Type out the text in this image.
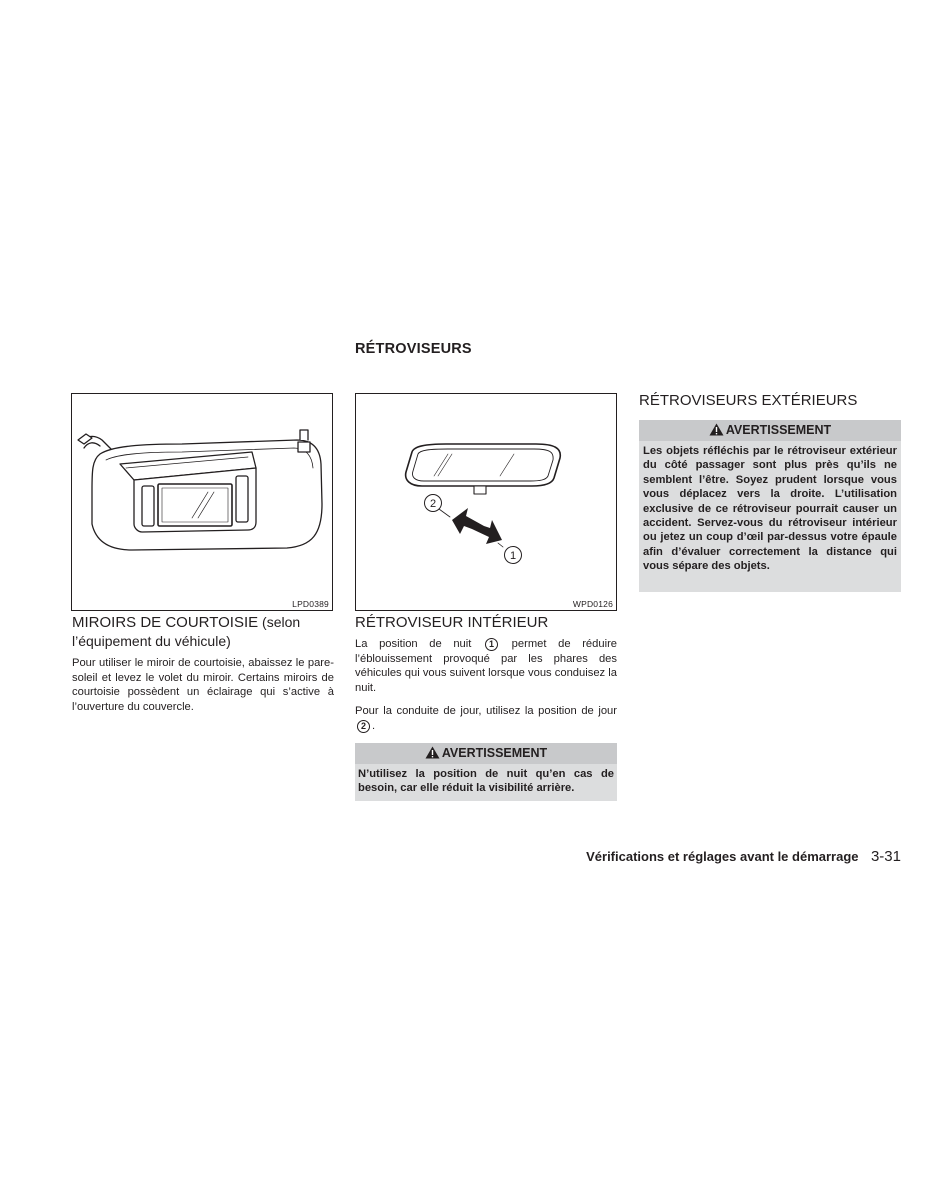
RÉTROVISEURS
LPD0389
MIROIRS DE COURTOISIE (selon
l’équipement du véhicule)

Pour utiliser le miroir de courtoisie, abaissez le pare-soleil et levez le volet du miroir. Certains miroirs de courtoisie possèdent un éclairage qui s’active à l’ouverture du couvercle.

2
1
WPD0126
RÉTROVISEUR INTÉRIEUR

La position de nuit 1 permet de réduire l’éblouissement provoqué par les phares des véhicules qui vous suivent lorsque vous conduisez la nuit.

Pour la conduite de jour, utilisez la position de jour 2 .

AVERTISSEMENT
N’utilisez la position de nuit qu’en cas de besoin, car elle réduit la visibilité arrière.
RÉTROVISEURS EXTÉRIEURS
AVERTISSEMENT
Les objets réfléchis par le rétroviseur extérieur du côté passager sont plus près qu’ils ne semblent l’être. Soyez prudent lorsque vous vous déplacez vers la droite. L’utilisation exclusive de ce rétroviseur pourrait causer un accident. Servez-vous du rétroviseur intérieur ou jetez un coup d’œil par-dessus votre épaule afin d’évaluer correctement la distance qui vous sépare des objets.
Vérifications et réglages avant le démarrage 3-31
